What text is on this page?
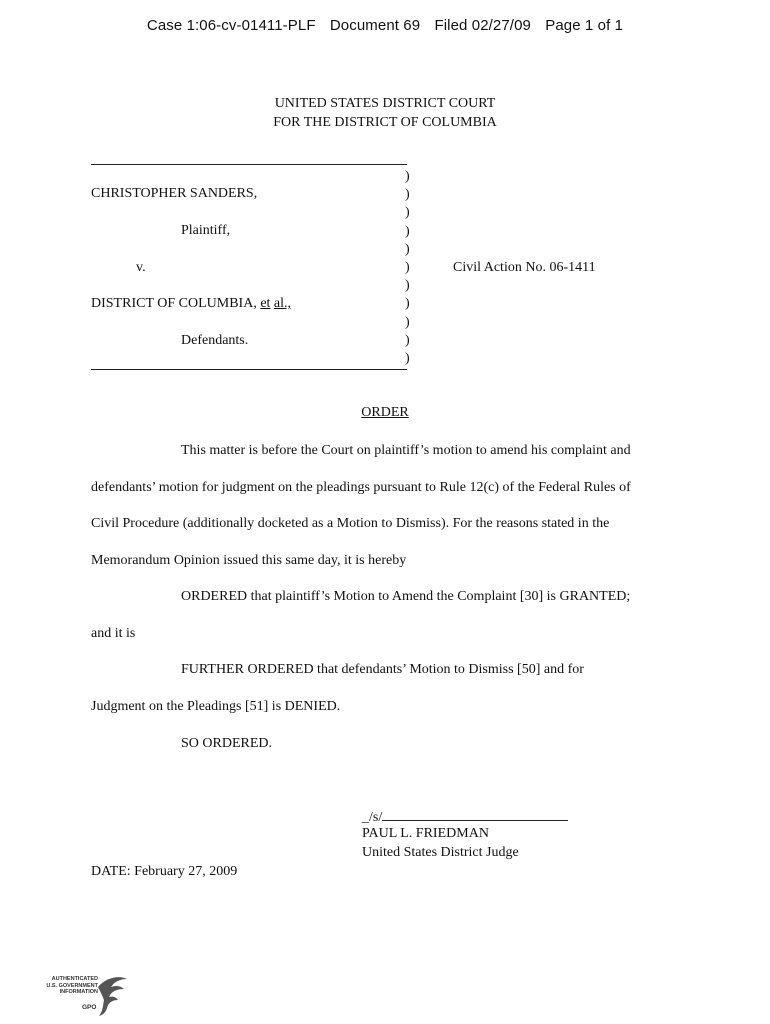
Case 1:06-cv-01411-PLF Document 69 Filed 02/27/09 Page 1 of 1
UNITED STATES DISTRICT COURT
FOR THE DISTRICT OF COLUMBIA
)
)
)
)
)
)
)
)
)
)
)
CHRISTOPHER SANDERS,
Plaintiff,
v.	Civil Action No. 06-1411
DISTRICT OF COLUMBIA, et al.,
Defendants.
ORDER
This matter is before the Court on plaintiff’s motion to amend his complaint and
defendants’ motion for judgment on the pleadings pursuant to Rule 12(c) of the Federal Rules of
Civil Procedure (additionally docketed as a Motion to Dismiss). For the reasons stated in the
Memorandum Opinion issued this same day, it is hereby
ORDERED that plaintiff’s Motion to Amend the Complaint [30] is GRANTED;
and it is
FURTHER ORDERED that defendants’ Motion to Dismiss [50] and for
Judgment on the Pleadings [51] is DENIED.
SO ORDERED.
_/s/
PAUL L. FRIEDMAN
United States District Judge
DATE: February 27, 2009
AUTHENTICATED
U.S. GOVERNMENT
INFORMATION
GPO
